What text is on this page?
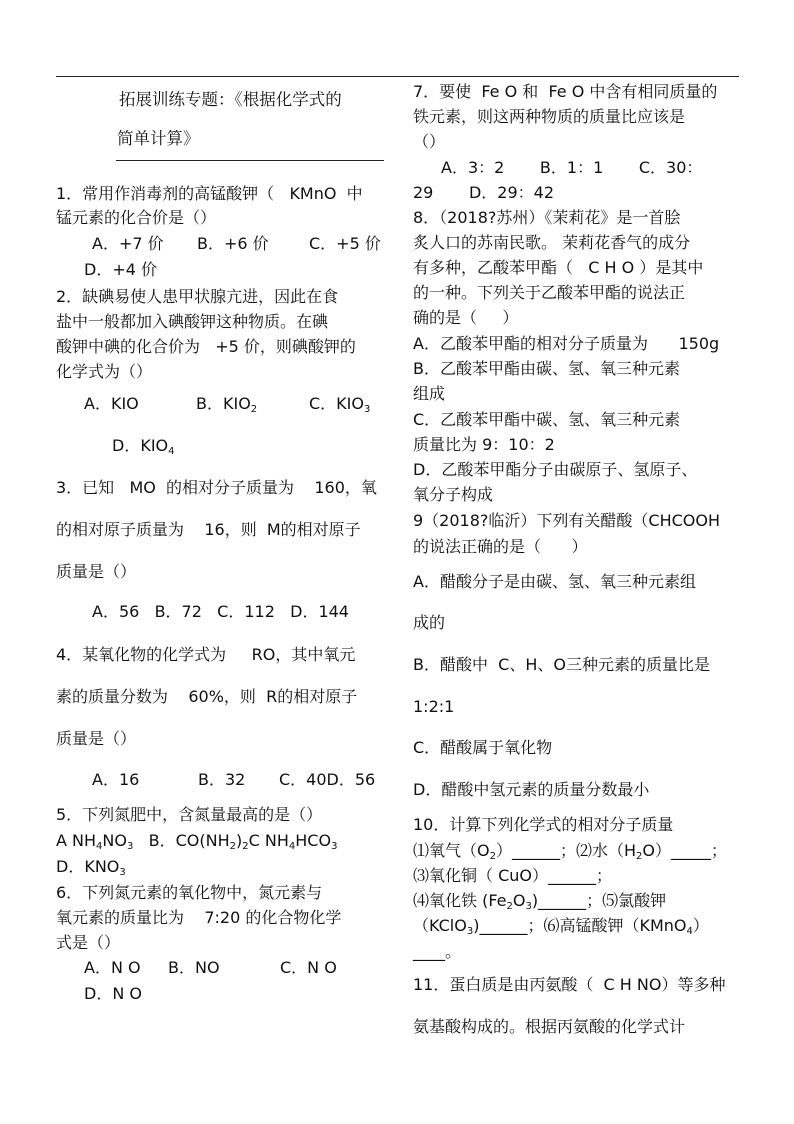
拓展训练专题：《根据化学式的
简单计算》
1．常用作消毒剂的高锰酸钾（   KMnO  中
锰元素的化合价是（）
A．+7 价 B．+6 价	C．+5 价
D．+4 价
2．缺碘易使人患甲状腺亢进，因此在食
盐中一般都加入碘酸钾这种物质。在碘
酸钾中碘的化合价为   +5 价，则碘酸钾的
化学式为（）
A．KIO	B．$KIO_2$	C．$KIO_3$
D．$KIO_4$
3．已知   MO  的相对分子质量为    160，氧
的相对原子质量为    16，则  M的相对原子
质量是（）
A．56   B．72   C．112   D．144
4．某氧化物的化学式为     RO，其中氧元
素的质量分数为    60%，则  R的相对原子
质量是（）
A．16	B．32 C．40D．56
5．下列氮肥中，含氮量最高的是（）
A $NH_4NO_3$ B．$CO(NH_2)_2C$ $NH_4HCO_3$
D．$KNO_3$
6．下列氮元素的氧化物中，氮元素与
氧元素的质量比为    7:20 的化合物化学
式是（）
A．N O B．NO	C．N O
D．N O
7．要使  Fe O 和  Fe O 中含有相同质量的
铁元素，则这两种物质的质量比应该是
（）
A．3：2       B．1：1       C．30：
29       D．29：42
8．（2018?苏州）《茉莉花》是一首脍
炙人口的苏南民歌。 茉莉花香气的成分
有多种，乙酸苯甲酯（   C H O ）是其中
的一种。下列关于乙酸苯甲酯的说法正
确的是（     ）
A．乙酸苯甲酯的相对分子质量为      150g
B．乙酸苯甲酯由碳、氢、氧三种元素
组成
C．乙酸苯甲酯中碳、氢、氧三种元素
质量比为 9：10：2
D．乙酸苯甲酯分子由碳原子、氢原子、
氧分子构成
9（2018?临沂）下列有关醋酸（CHCOOH
的说法正确的是（      ）
A．醋酸分子是由碳、氢、氧三种元素组
成的
B．醋酸中  C、H、O三种元素的质量比是
1:2:1
C．醋酸属于氧化物
D．醋酸中氢元素的质量分数最小
10．计算下列化学式的相对分子质量
⑴氧气$(O_2)\_\_\_\_\_\_$；⑵水$(H_2O)\_\_\_\_\_$；
⑶氧化铜（ CuO）______；
⑷氧化铁 $(Fe_2O_3)\_\_\_\_\_\_$；⑸氯酸钾
（KClO$_3$)______；⑹高锰酸钾（KMnO$_4$）
____。
11．蛋白质是由丙氨酸（  C H NO）等多种
氨基酸构成的。根据丙氨酸的化学式计
